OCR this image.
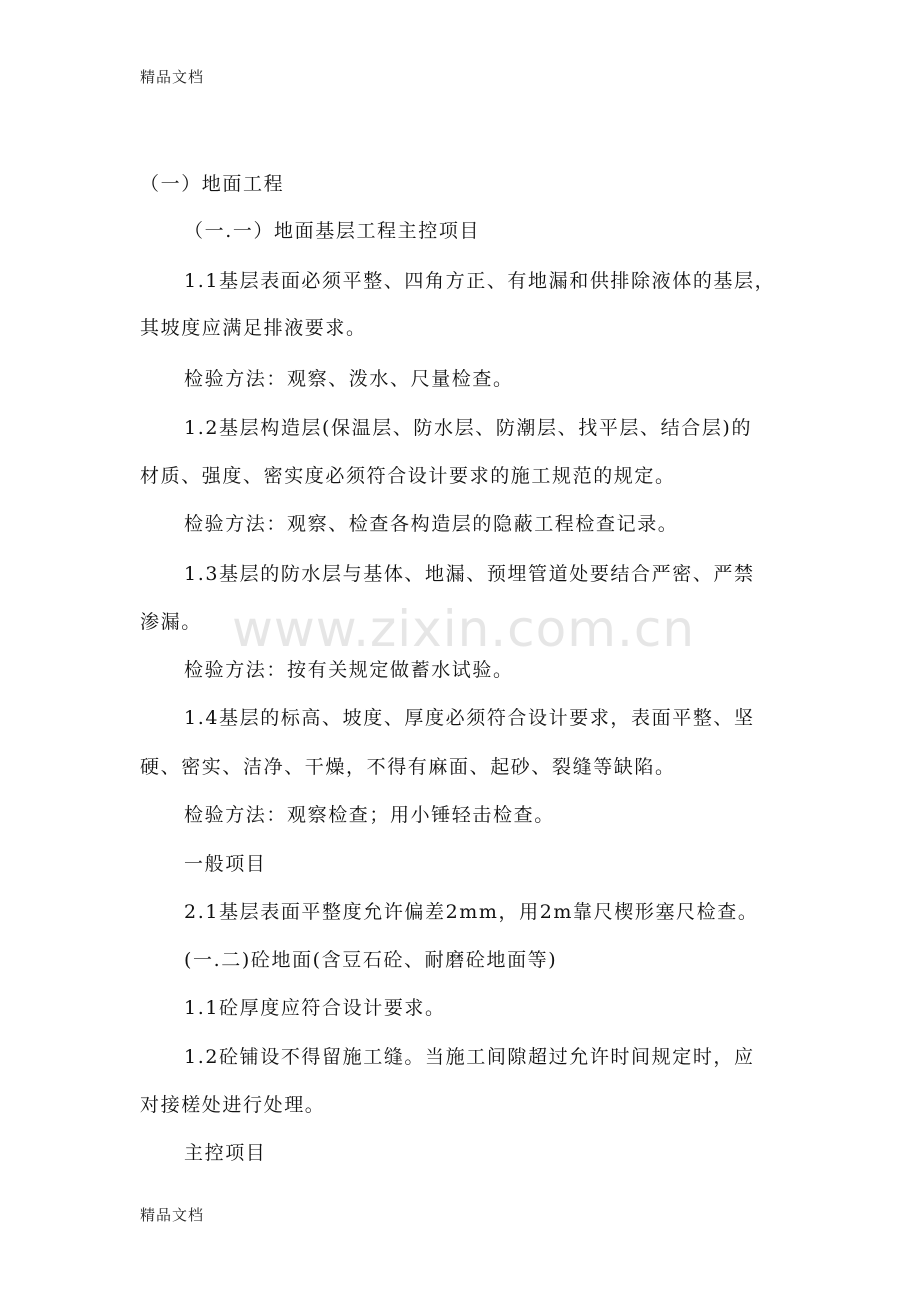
精品文档
www.zixin.com.cn
（一）地面工程
（一.一）地面基层工程主控项目
1.1基层表面必须平整、四角方正、有地漏和供排除液体的基层，
其坡度应满足排液要求。
检验方法：观察、泼水、尺量检查。
1.2基层构造层(保温层、防水层、防潮层、找平层、结合层)的
材质、强度、密实度必须符合设计要求的施工规范的规定。
检验方法：观察、检查各构造层的隐蔽工程检查记录。
1.3基层的防水层与基体、地漏、预埋管道处要结合严密、严禁
渗漏。
检验方法：按有关规定做蓄水试验。
1.4基层的标高、坡度、厚度必须符合设计要求，表面平整、坚
硬、密实、洁净、干燥，不得有麻面、起砂、裂缝等缺陷。
检验方法：观察检查；用小锤轻击检查。
一般项目
2.1基层表面平整度允许偏差2mm，用2m靠尺楔形塞尺检查。
(一.二)砼地面(含豆石砼、耐磨砼地面等)
1.1砼厚度应符合设计要求。
1.2砼铺设不得留施工缝。当施工间隙超过允许时间规定时，应
对接槎处进行处理。
主控项目
精品文档
